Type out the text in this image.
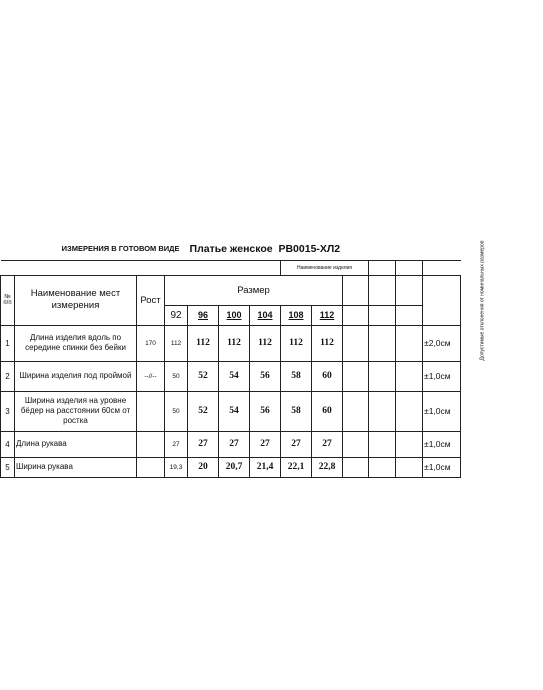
ИЗМЕРЕНИЯ В ГОТОВОМ ВИДЕ				Платье женское РВ0015-ХЛ2								
							Наименование изделия					
№ п/п	Наименование мест измерения	Рост	Размер									Допустимые отклонения от номинальных размеров
			92	96	100	104	108	112				
1	Длина изделия вдоль по середине спинки без бейки	170	112	112	112	112	112	112				±2,0см
2	Ширина изделия под проймой	--//--	50	52	54	56	58	60				±1,0см
3	Ширина изделия на уровне бёдер на расстоянии 60см от ростка		50	52	54	56	58	60				±1,0см
4	Длина рукава		27	27	27	27	27	27				±1,0см
5	Ширина рукава		19,3	20	20,7	21,4	22,1	22,8				±1,0см
